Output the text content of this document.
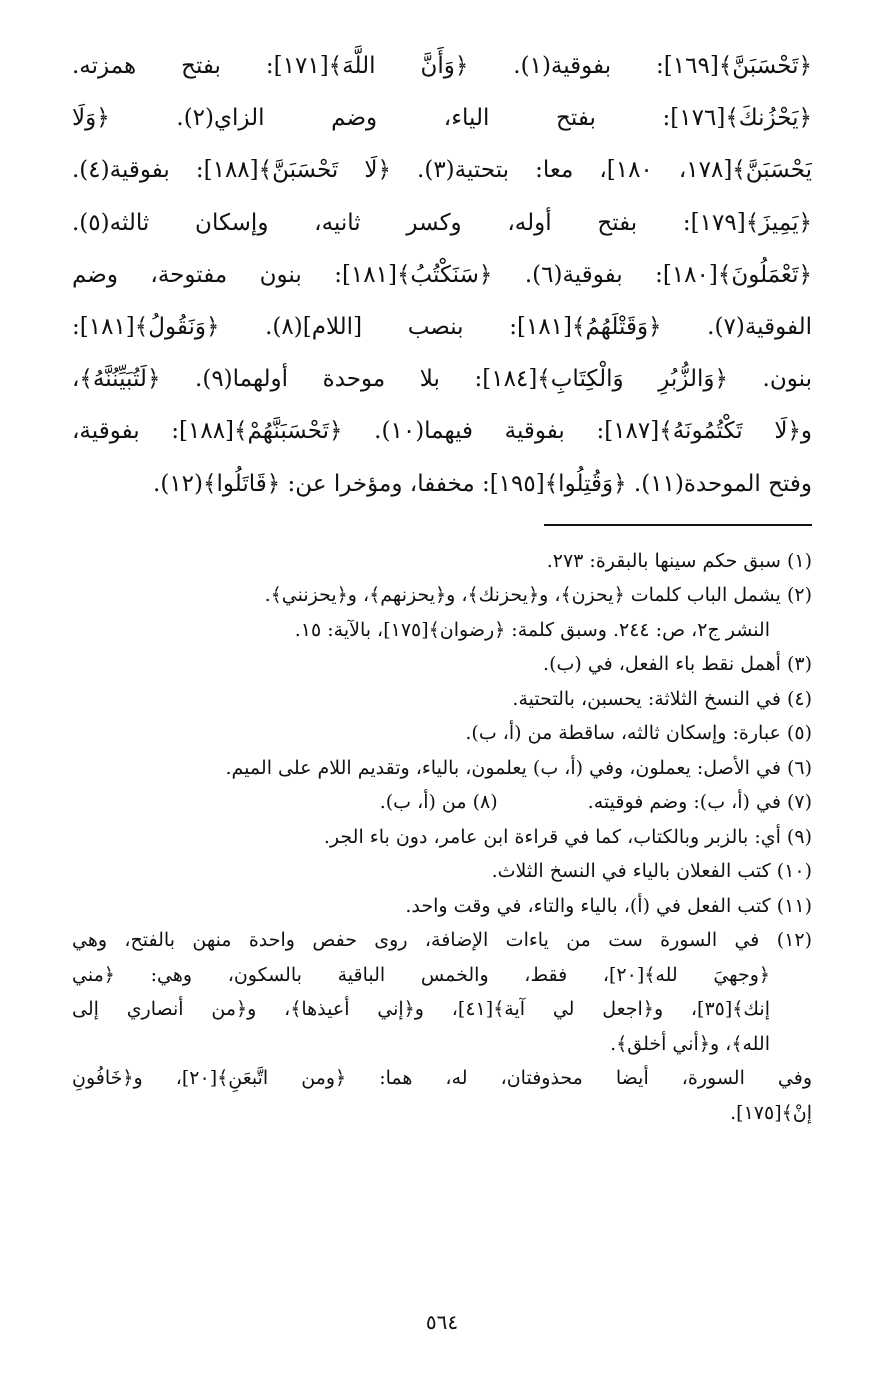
﴿تَحْسَبَنَّ﴾[١٦٩]: بفوقية(١). ﴿وَأَنَّ اللَّهَ﴾[١٧١]: بفتح همزته.
﴿يَحْزُنكَ﴾[١٧٦]: بفتح الياء، وضم الزاي(٢). ﴿وَلَا
يَحْسَبَنَّ﴾[١٧٨، ١٨٠]، معا: بتحتية(٣). ﴿لَا تَحْسَبَنَّ﴾[١٨٨]: بفوقية(٤).
﴿يَمِيزَ﴾[١٧٩]: بفتح أوله، وكسر ثانيه، وإسكان ثالثه(٥).
﴿تَعْمَلُونَ﴾[١٨٠]: بفوقية(٦). ﴿سَنَكْتُبُ﴾[١٨١]: بنون مفتوحة، وضم
الفوقية(٧). ﴿وَقَتْلَهُمُ﴾[١٨١]: بنصب [اللام](٨). ﴿وَنَقُولُ﴾[١٨١]:
بنون. ﴿وَالزُّبُرِ وَالْكِتَابِ﴾[١٨٤]: بلا موحدة أولهما(٩). ﴿لَتُبَيِّنُنَّهُ﴾،
و﴿لَا تَكْتُمُونَهُ﴾[١٨٧]: بفوقية فيهما(١٠). ﴿تَحْسَبَنَّهُمْ﴾[١٨٨]: بفوقية،
وفتح الموحدة(١١). ﴿وَقُتِلُوا﴾[١٩٥]: مخففا، ومؤخرا عن: ﴿قَاتَلُوا﴾(١٢).
(١) سبق حكم سينها بالبقرة: ٢٧٣.
(٢) يشمل الباب كلمات ﴿يحزن﴾، و﴿يحزنك﴾، و﴿يحزنهم﴾، و﴿يحزنني﴾.
النشر ج٢، ص: ٢٤٤. وسبق كلمة: ﴿رضوان﴾[١٧٥]، بالآية: ١٥.
(٣) أهمل نقط باء الفعل، في (ب).
(٤) في النسخ الثلاثة: يحسبن، بالتحتية.
(٥) عبارة: وإسكان ثالثه، ساقطة من (أ، ب).
(٦) في الأصل: يعملون، وفي (أ، ب) يعلمون، بالياء، وتقديم اللام على الميم.
(٧) في (أ، ب): وضم فوقيته.
(٨) من (أ، ب).
(٩) أي: بالزبر وبالكتاب، كما في قراءة ابن عامر، دون باء الجر.
(١٠) كتب الفعلان بالياء في النسخ الثلاث.
(١١) كتب الفعل في (أ)، بالياء والتاء، في وقت واحد.
(١٢) في السورة ست من ياءات الإضافة، روى حفص واحدة منهن بالفتح، وهي
﴿وجهيَ لله﴾[٢٠]، فقط، والخمس الباقية بالسكون، وهي: ﴿مني
إنك﴾[٣٥]، و﴿اجعل لي آية﴾[٤١]، و﴿إني أعيذها﴾، و﴿من أنصاري إلى
الله﴾، و﴿أني أخلق﴾.
وفي السورة، أيضا محذوفتان، له، هما: ﴿ومن اتَّبعَنِ﴾[٢٠]، و﴿خَافُونِ
إنْ﴾[١٧٥].
٥٦٤
